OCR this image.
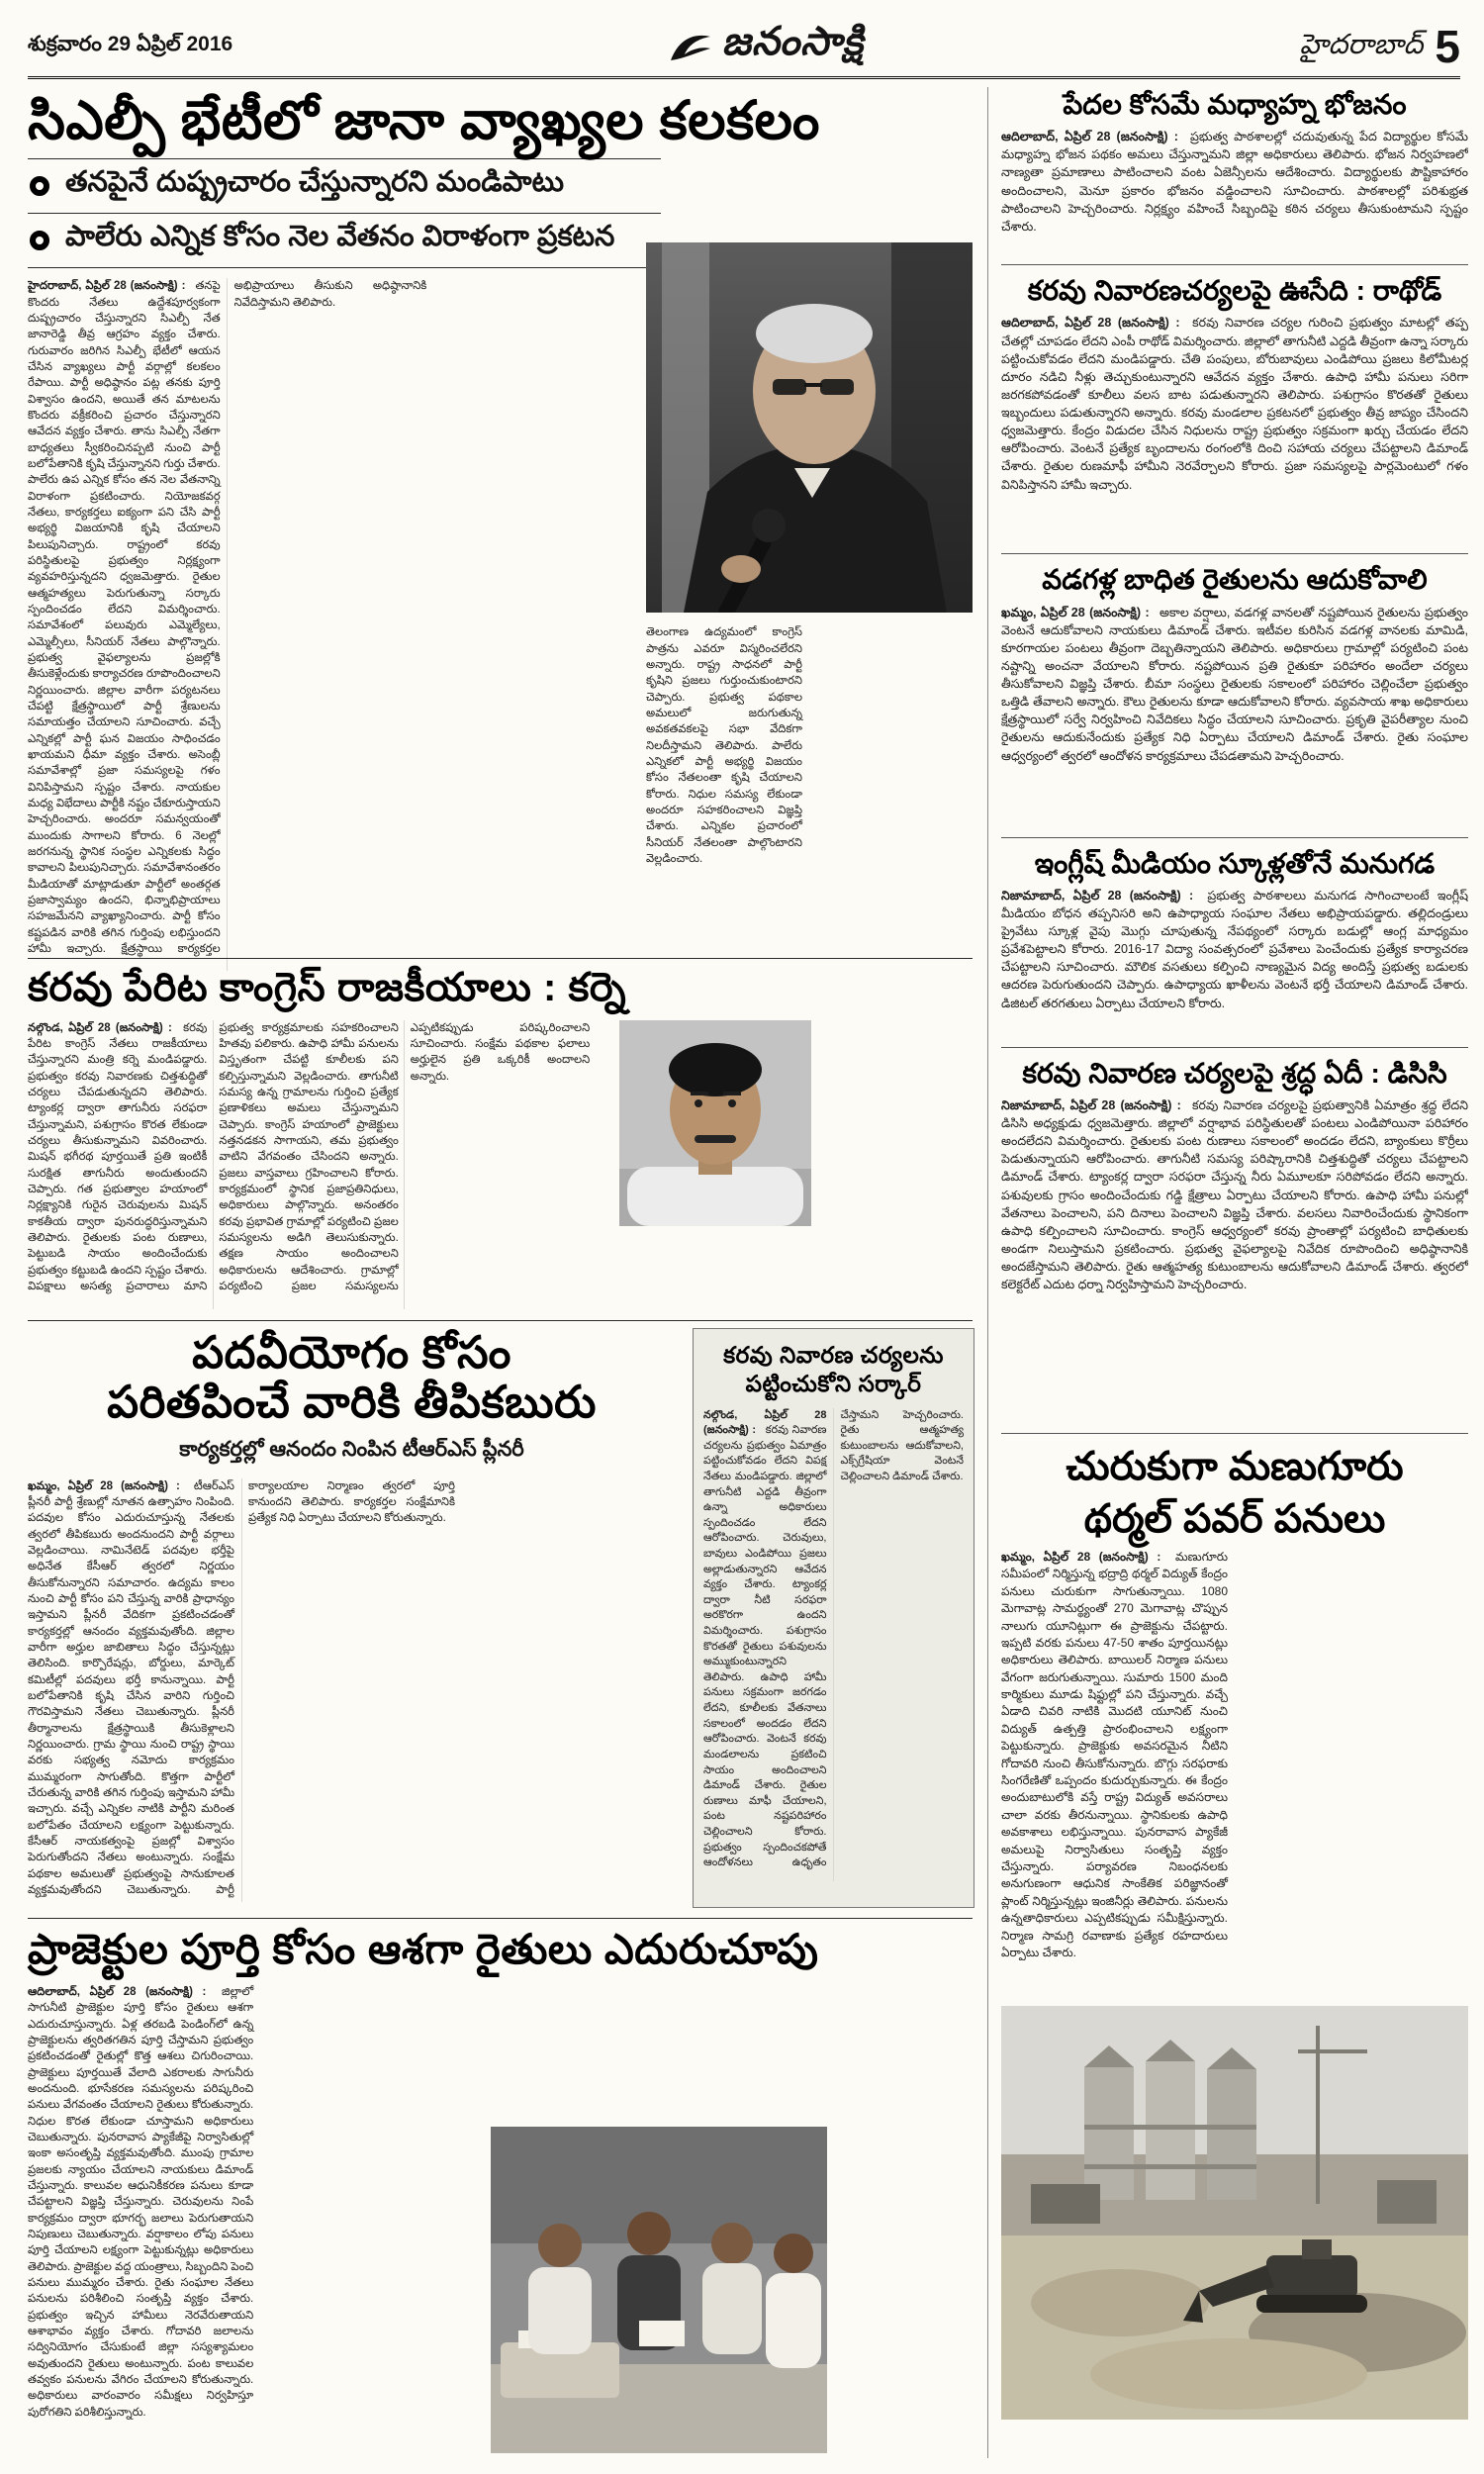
శుక్రవారం 29 ఏప్రిల్ 2016	జనంసాక్షి	హైదరాబాద్ 5
సిఎల్పీ భేటీలో జానా వ్యాఖ్యల కలకలం
తనపైనే దుష్ప్రచారం చేస్తున్నారని మండిపాటు
పాలేరు ఎన్నిక కోసం నెల వేతనం విరాళంగా ప్రకటన
హైదరాబాద్, ఏప్రిల్ 28 (జనంసాక్షి) : తనపై కొందరు నేతలు ఉద్దేశపూర్వకంగా దుష్ప్రచారం చేస్తున్నారని సిఎల్పీ నేత జానారెడ్డి తీవ్ర ఆగ్రహం వ్యక్తం చేశారు. గురువారం జరిగిన సిఎల్పీ భేటీలో ఆయన చేసిన వ్యాఖ్యలు పార్టీ వర్గాల్లో కలకలం రేపాయి. పార్టీ అధిష్ఠానం పట్ల తనకు పూర్తి విశ్వాసం ఉందని, అయితే తన మాటలను కొందరు వక్రీకరించి ప్రచారం చేస్తున్నారని ఆవేదన వ్యక్తం చేశారు. తాను సిఎల్పీ నేతగా బాధ్యతలు స్వీకరించినప్పటి నుంచి పార్టీ బలోపేతానికి కృషి చేస్తున్నానని గుర్తు చేశారు. పాలేరు ఉప ఎన్నిక కోసం తన నెల వేతనాన్ని విరాళంగా ప్రకటించారు. నియోజకవర్గ నేతలు, కార్యకర్తలు ఐక్యంగా పని చేసి పార్టీ అభ్యర్థి విజయానికి కృషి చేయాలని పిలుపునిచ్చారు. రాష్ట్రంలో కరవు పరిస్థితులపై ప్రభుత్వం నిర్లక్ష్యంగా వ్యవహరిస్తున్నదని ధ్వజమెత్తారు. రైతుల ఆత్మహత్యలు పెరుగుతున్నా సర్కారు స్పందించడం లేదని విమర్శించారు. సమావేశంలో పలువురు ఎమ్మెల్యేలు, ఎమ్మెల్సీలు, సీనియర్ నేతలు పాల్గొన్నారు. ప్రభుత్వ వైఫల్యాలను ప్రజల్లోకి తీసుకెళ్లేందుకు కార్యాచరణ రూపొందించాలని నిర్ణయించారు. జిల్లాల వారీగా పర్యటనలు చేపట్టి క్షేత్రస్థాయిలో పార్టీ శ్రేణులను సమాయత్తం చేయాలని సూచించారు. వచ్చే ఎన్నికల్లో పార్టీ ఘన విజయం సాధించడం ఖాయమని ధీమా వ్యక్తం చేశారు. అసెంబ్లీ సమావేశాల్లో ప్రజా సమస్యలపై గళం వినిపిస్తామని స్పష్టం చేశారు. నాయకుల మధ్య విభేదాలు పార్టీకి నష్టం చేకూరుస్తాయని హెచ్చరించారు. అందరూ సమన్వయంతో ముందుకు సాగాలని కోరారు. 6 నెలల్లో జరగనున్న స్థానిక సంస్థల ఎన్నికలకు సిద్ధం కావాలని పిలుపునిచ్చారు. సమావేశానంతరం మీడియాతో మాట్లాడుతూ పార్టీలో అంతర్గత ప్రజాస్వామ్యం ఉందని, భిన్నాభిప్రాయాలు సహజమేనని వ్యాఖ్యానించారు. పార్టీ కోసం కష్టపడిన వారికి తగిన గుర్తింపు లభిస్తుందని హామీ ఇచ్చారు. క్షేత్రస్థాయి కార్యకర్తల అభిప్రాయాలు తీసుకుని అధిష్ఠానానికి నివేదిస్తామని తెలిపారు.
తెలంగాణ ఉద్యమంలో కాంగ్రెస్ పాత్రను ఎవరూ విస్మరించలేరని అన్నారు. రాష్ట్ర సాధనలో పార్టీ కృషిని ప్రజలు గుర్తుంచుకుంటారని చెప్పారు. ప్రభుత్వ పథకాల అమలులో జరుగుతున్న అవకతవకలపై సభా వేదికగా నిలదీస్తామని తెలిపారు. పాలేరు ఎన్నికలో పార్టీ అభ్యర్థి విజయం కోసం నేతలంతా కృషి చేయాలని కోరారు. నిధుల సమస్య లేకుండా అందరూ సహకరించాలని విజ్ఞప్తి చేశారు. ఎన్నికల ప్రచారంలో సీనియర్ నేతలంతా పాల్గొంటారని వెల్లడించారు.
కరవు పేరిట కాంగ్రెస్ రాజకీయాలు : కర్నె
నల్గొండ, ఏప్రిల్ 28 (జనంసాక్షి) : కరవు పేరిట కాంగ్రెస్ నేతలు రాజకీయాలు చేస్తున్నారని మంత్రి కర్నె మండిపడ్డారు. ప్రభుత్వం కరవు నివారణకు చిత్తశుద్ధితో చర్యలు చేపడుతున్నదని తెలిపారు. ట్యాంకర్ల ద్వారా తాగునీరు సరఫరా చేస్తున్నామని, పశుగ్రాసం కొరత లేకుండా చర్యలు తీసుకున్నామని వివరించారు. మిషన్ భగీరథ పూర్తయితే ప్రతి ఇంటికీ సురక్షిత తాగునీరు అందుతుందని చెప్పారు. గత ప్రభుత్వాల హయాంలో నిర్లక్ష్యానికి గురైన చెరువులను మిషన్ కాకతీయ ద్వారా పునరుద్ధరిస్తున్నామని తెలిపారు. రైతులకు పంట రుణాలు, పెట్టుబడి సాయం అందించేందుకు ప్రభుత్వం కట్టుబడి ఉందని స్పష్టం చేశారు. విపక్షాలు అసత్య ప్రచారాలు మాని ప్రభుత్వ కార్యక్రమాలకు సహకరించాలని హితవు పలికారు. ఉపాధి హామీ పనులను విస్తృతంగా చేపట్టి కూలీలకు పని కల్పిస్తున్నామని వెల్లడించారు. తాగునీటి సమస్య ఉన్న గ్రామాలను గుర్తించి ప్రత్యేక ప్రణాళికలు అమలు చేస్తున్నామని చెప్పారు. కాంగ్రెస్ హయాంలో ప్రాజెక్టులు నత్తనడకన సాగాయని, తమ ప్రభుత్వం వాటిని వేగవంతం చేసిందని అన్నారు. ప్రజలు వాస్తవాలు గ్రహించాలని కోరారు. కార్యక్రమంలో స్థానిక ప్రజాప్రతినిధులు, అధికారులు పాల్గొన్నారు. అనంతరం కరవు ప్రభావిత గ్రామాల్లో పర్యటించి ప్రజల సమస్యలను అడిగి తెలుసుకున్నారు. తక్షణ సాయం అందించాలని అధికారులను ఆదేశించారు. గ్రామాల్లో పర్యటించి ప్రజల సమస్యలను ఎప్పటికప్పుడు పరిష్కరించాలని సూచించారు. సంక్షేమ పథకాల ఫలాలు అర్హులైన ప్రతి ఒక్కరికీ అందాలని అన్నారు.
పదవీయోగం కోసం
పరితపించే వారికి తీపికబురు
కార్యకర్తల్లో ఆనందం నింపిన టీఆర్ఎస్ ప్లీనరీ
ఖమ్మం, ఏప్రిల్ 28 (జనంసాక్షి) : టీఆర్ఎస్ ప్లీనరీ పార్టీ శ్రేణుల్లో నూతన ఉత్సాహం నింపింది. పదవుల కోసం ఎదురుచూస్తున్న నేతలకు త్వరలో తీపికబురు అందనుందని పార్టీ వర్గాలు వెల్లడించాయి. నామినేటెడ్ పదవుల భర్తీపై అధినేత కేసీఆర్ త్వరలో నిర్ణయం తీసుకోనున్నారని సమాచారం. ఉద్యమ కాలం నుంచి పార్టీ కోసం పని చేస్తున్న వారికి ప్రాధాన్యం ఇస్తామని ప్లీనరీ వేదికగా ప్రకటించడంతో కార్యకర్తల్లో ఆనందం వ్యక్తమవుతోంది. జిల్లాల వారీగా అర్హుల జాబితాలు సిద్ధం చేస్తున్నట్లు తెలిసింది. కార్పొరేషన్లు, బోర్డులు, మార్కెట్ కమిటీల్లో పదవులు భర్తీ కానున్నాయి. పార్టీ బలోపేతానికి కృషి చేసిన వారిని గుర్తించి గౌరవిస్తామని నేతలు చెబుతున్నారు. ప్లీనరీ తీర్మానాలను క్షేత్రస్థాయికి తీసుకెళ్లాలని నిర్ణయించారు. గ్రామ స్థాయి నుంచి రాష్ట్ర స్థాయి వరకు సభ్యత్వ నమోదు కార్యక్రమం ముమ్మరంగా సాగుతోంది. కొత్తగా పార్టీలో చేరుతున్న వారికి తగిన గుర్తింపు ఇస్తామని హామీ ఇచ్చారు. వచ్చే ఎన్నికల నాటికి పార్టీని మరింత బలోపేతం చేయాలని లక్ష్యంగా పెట్టుకున్నారు. కేసీఆర్ నాయకత్వంపై ప్రజల్లో విశ్వాసం పెరుగుతోందని నేతలు అంటున్నారు. సంక్షేమ పథకాల అమలుతో ప్రభుత్వంపై సానుకూలత వ్యక్తమవుతోందని చెబుతున్నారు. పార్టీ కార్యాలయాల నిర్మాణం త్వరలో పూర్తి కానుందని తెలిపారు. కార్యకర్తల సంక్షేమానికి ప్రత్యేక నిధి ఏర్పాటు చేయాలని కోరుతున్నారు.
కరవు నివారణ చర్యలను పట్టించుకోని సర్కార్
నల్గొండ, ఏప్రిల్ 28 (జనంసాక్షి) : కరవు నివారణ చర్యలను ప్రభుత్వం ఏమాత్రం పట్టించుకోవడం లేదని విపక్ష నేతలు మండిపడ్డారు. జిల్లాలో తాగునీటి ఎద్దడి తీవ్రంగా ఉన్నా అధికారులు స్పందించడం లేదని ఆరోపించారు. చెరువులు, బావులు ఎండిపోయి ప్రజలు అల్లాడుతున్నారని ఆవేదన వ్యక్తం చేశారు. ట్యాంకర్ల ద్వారా నీటి సరఫరా అరకొరగా ఉందని విమర్శించారు. పశుగ్రాసం కొరతతో రైతులు పశువులను అమ్ముకుంటున్నారని తెలిపారు. ఉపాధి హామీ పనులు సక్రమంగా జరగడం లేదని, కూలీలకు వేతనాలు సకాలంలో అందడం లేదని ఆరోపించారు. వెంటనే కరవు మండలాలను ప్రకటించి సాయం అందించాలని డిమాండ్ చేశారు. రైతుల రుణాలు మాఫీ చేయాలని, పంట నష్టపరిహారం చెల్లించాలని కోరారు. ప్రభుత్వం స్పందించకపోతే ఆందోళనలు ఉధృతం చేస్తామని హెచ్చరించారు. రైతు ఆత్మహత్య కుటుంబాలను ఆదుకోవాలని, ఎక్స్‌గ్రేషియా వెంటనే చెల్లించాలని డిమాండ్ చేశారు.
ప్రాజెక్టుల పూర్తి కోసం ఆశగా రైతులు ఎదురుచూపు
ఆదిలాబాద్, ఏప్రిల్ 28 (జనంసాక్షి) : జిల్లాలో సాగునీటి ప్రాజెక్టుల పూర్తి కోసం రైతులు ఆశగా ఎదురుచూస్తున్నారు. ఏళ్ల తరబడి పెండింగ్‌లో ఉన్న ప్రాజెక్టులను త్వరితగతిన పూర్తి చేస్తామని ప్రభుత్వం ప్రకటించడంతో రైతుల్లో కొత్త ఆశలు చిగురించాయి. ప్రాజెక్టులు పూర్తయితే వేలాది ఎకరాలకు సాగునీరు అందనుంది. భూసేకరణ సమస్యలను పరిష్కరించి పనులు వేగవంతం చేయాలని రైతులు కోరుతున్నారు. నిధుల కొరత లేకుండా చూస్తామని అధికారులు చెబుతున్నారు. పునరావాస ప్యాకేజీపై నిర్వాసితుల్లో ఇంకా అసంతృప్తి వ్యక్తమవుతోంది. ముంపు గ్రామాల ప్రజలకు న్యాయం చేయాలని నాయకులు డిమాండ్ చేస్తున్నారు. కాలువల ఆధునికీకరణ పనులు కూడా చేపట్టాలని విజ్ఞప్తి చేస్తున్నారు. చెరువులను నింపే కార్యక్రమం ద్వారా భూగర్భ జలాలు పెరుగుతాయని నిపుణులు చెబుతున్నారు. వర్షాకాలం లోపు పనులు పూర్తి చేయాలని లక్ష్యంగా పెట్టుకున్నట్లు అధికారులు తెలిపారు. ప్రాజెక్టుల వద్ద యంత్రాలు, సిబ్బందిని పెంచి పనులు ముమ్మరం చేశారు. రైతు సంఘాల నేతలు పనులను పరిశీలించి సంతృప్తి వ్యక్తం చేశారు. ప్రభుత్వం ఇచ్చిన హామీలు నెరవేరుతాయని ఆశాభావం వ్యక్తం చేశారు. గోదావరి జలాలను సద్వినియోగం చేసుకుంటే జిల్లా సస్యశ్యామలం అవుతుందని రైతులు అంటున్నారు. పంట కాలువల తవ్వకం పనులను వేగిరం చేయాలని కోరుతున్నారు. అధికారులు వారంవారం సమీక్షలు నిర్వహిస్తూ పురోగతిని పరిశీలిస్తున్నారు.
పేదల కోసమే మధ్యాహ్న భోజనం
ఆదిలాబాద్, ఏప్రిల్ 28 (జనంసాక్షి) : ప్రభుత్వ పాఠశాలల్లో చదువుతున్న పేద విద్యార్థుల కోసమే మధ్యాహ్న భోజన పథకం అమలు చేస్తున్నామని జిల్లా అధికారులు తెలిపారు. భోజన నిర్వహణలో నాణ్యతా ప్రమాణాలు పాటించాలని వంట ఏజెన్సీలను ఆదేశించారు. విద్యార్థులకు పౌష్టికాహారం అందించాలని, మెనూ ప్రకారం భోజనం వడ్డించాలని సూచించారు. పాఠశాలల్లో పరిశుభ్రత పాటించాలని హెచ్చరించారు. నిర్లక్ష్యం వహించే సిబ్బందిపై కఠిన చర్యలు తీసుకుంటామని స్పష్టం చేశారు.
కరవు నివారణచర్యలపై ఊసేది : రాథోడ్
ఆదిలాబాద్, ఏప్రిల్ 28 (జనంసాక్షి) : కరవు నివారణ చర్యల గురించి ప్రభుత్వం మాటల్లో తప్ప చేతల్లో చూపడం లేదని ఎంపీ రాథోడ్ విమర్శించారు. జిల్లాలో తాగునీటి ఎద్దడి తీవ్రంగా ఉన్నా సర్కారు పట్టించుకోవడం లేదని మండిపడ్డారు. చేతి పంపులు, బోరుబావులు ఎండిపోయి ప్రజలు కిలోమీటర్ల దూరం నడిచి నీళ్లు తెచ్చుకుంటున్నారని ఆవేదన వ్యక్తం చేశారు. ఉపాధి హామీ పనులు సరిగా జరగకపోవడంతో కూలీలు వలస బాట పడుతున్నారని తెలిపారు. పశుగ్రాసం కొరతతో రైతులు ఇబ్బందులు పడుతున్నారని అన్నారు. కరవు మండలాల ప్రకటనలో ప్రభుత్వం తీవ్ర జాప్యం చేసిందని ధ్వజమెత్తారు. కేంద్రం విడుదల చేసిన నిధులను రాష్ట్ర ప్రభుత్వం సక్రమంగా ఖర్చు చేయడం లేదని ఆరోపించారు. వెంటనే ప్రత్యేక బృందాలను రంగంలోకి దించి సహాయ చర్యలు చేపట్టాలని డిమాండ్ చేశారు. రైతుల రుణమాఫీ హామీని నెరవేర్చాలని కోరారు. ప్రజా సమస్యలపై పార్లమెంటులో గళం వినిపిస్తానని హామీ ఇచ్చారు.
వడగళ్ల బాధిత రైతులను ఆదుకోవాలి
ఖమ్మం, ఏప్రిల్ 28 (జనంసాక్షి) : అకాల వర్షాలు, వడగళ్ల వానలతో నష్టపోయిన రైతులను ప్రభుత్వం వెంటనే ఆదుకోవాలని నాయకులు డిమాండ్ చేశారు. ఇటీవల కురిసిన వడగళ్ల వానలకు మామిడి, కూరగాయల పంటలు తీవ్రంగా దెబ్బతిన్నాయని తెలిపారు. అధికారులు గ్రామాల్లో పర్యటించి పంట నష్టాన్ని అంచనా వేయాలని కోరారు. నష్టపోయిన ప్రతి రైతుకూ పరిహారం అందేలా చర్యలు తీసుకోవాలని విజ్ఞప్తి చేశారు. బీమా సంస్థలు రైతులకు సకాలంలో పరిహారం చెల్లించేలా ప్రభుత్వం ఒత్తిడి తేవాలని అన్నారు. కౌలు రైతులను కూడా ఆదుకోవాలని కోరారు. వ్యవసాయ శాఖ అధికారులు క్షేత్రస్థాయిలో సర్వే నిర్వహించి నివేదికలు సిద్ధం చేయాలని సూచించారు. ప్రకృతి వైపరీత్యాల నుంచి రైతులను ఆదుకునేందుకు ప్రత్యేక నిధి ఏర్పాటు చేయాలని డిమాండ్ చేశారు. రైతు సంఘాల ఆధ్వర్యంలో త్వరలో ఆందోళన కార్యక్రమాలు చేపడతామని హెచ్చరించారు.
ఇంగ్లీష్ మీడియం స్కూళ్లతోనే మనుగడ
నిజామాబాద్, ఏప్రిల్ 28 (జనంసాక్షి) : ప్రభుత్వ పాఠశాలలు మనుగడ సాగించాలంటే ఇంగ్లీష్ మీడియం బోధన తప్పనిసరి అని ఉపాధ్యాయ సంఘాల నేతలు అభిప్రాయపడ్డారు. తల్లిదండ్రులు ప్రైవేటు స్కూళ్ల వైపు మొగ్గు చూపుతున్న నేపథ్యంలో సర్కారు బడుల్లో ఆంగ్ల మాధ్యమం ప్రవేశపెట్టాలని కోరారు. 2016-17 విద్యా సంవత్సరంలో ప్రవేశాలు పెంచేందుకు ప్రత్యేక కార్యాచరణ చేపట్టాలని సూచించారు. మౌలిక వసతులు కల్పించి నాణ్యమైన విద్య అందిస్తే ప్రభుత్వ బడులకు ఆదరణ పెరుగుతుందని చెప్పారు. ఉపాధ్యాయ ఖాళీలను వెంటనే భర్తీ చేయాలని డిమాండ్ చేశారు. డిజిటల్ తరగతులు ఏర్పాటు చేయాలని కోరారు.
కరవు నివారణ చర్యలపై శ్రద్ధ ఏదీ : డిసిసి
నిజామాబాద్, ఏప్రిల్ 28 (జనంసాక్షి) : కరవు నివారణ చర్యలపై ప్రభుత్వానికి ఏమాత్రం శ్రద్ధ లేదని డిసిసి అధ్యక్షుడు ధ్వజమెత్తారు. జిల్లాలో వర్షాభావ పరిస్థితులతో పంటలు ఎండిపోయినా పరిహారం అందలేదని విమర్శించారు. రైతులకు పంట రుణాలు సకాలంలో అందడం లేదని, బ్యాంకులు కొర్రీలు పెడుతున్నాయని ఆరోపించారు. తాగునీటి సమస్య పరిష్కారానికి చిత్తశుద్ధితో చర్యలు చేపట్టాలని డిమాండ్ చేశారు. ట్యాంకర్ల ద్వారా సరఫరా చేస్తున్న నీరు ఏమూలకూ సరిపోవడం లేదని అన్నారు. పశువులకు గ్రాసం అందించేందుకు గడ్డి క్షేత్రాలు ఏర్పాటు చేయాలని కోరారు. ఉపాధి హామీ పనుల్లో వేతనాలు పెంచాలని, పని దినాలు పెంచాలని విజ్ఞప్తి చేశారు. వలసలు నివారించేందుకు స్థానికంగా ఉపాధి కల్పించాలని సూచించారు. కాంగ్రెస్ ఆధ్వర్యంలో కరవు ప్రాంతాల్లో పర్యటించి బాధితులకు అండగా నిలుస్తామని ప్రకటించారు. ప్రభుత్వ వైఫల్యాలపై నివేదిక రూపొందించి అధిష్ఠానానికి అందజేస్తామని తెలిపారు. రైతు ఆత్మహత్య కుటుంబాలను ఆదుకోవాలని డిమాండ్ చేశారు. త్వరలో కలెక్టరేట్ ఎదుట ధర్నా నిర్వహిస్తామని హెచ్చరించారు.
చురుకుగా మణుగూరు
థర్మల్ పవర్ పనులు
ఖమ్మం, ఏప్రిల్ 28 (జనంసాక్షి) : మణుగూరు సమీపంలో నిర్మిస్తున్న భద్రాద్రి థర్మల్ విద్యుత్ కేంద్రం పనులు చురుకుగా సాగుతున్నాయి. 1080 మెగావాట్ల సామర్థ్యంతో 270 మెగావాట్ల చొప్పున నాలుగు యూనిట్లుగా ఈ ప్రాజెక్టును చేపట్టారు. ఇప్పటి వరకు పనులు 47-50 శాతం పూర్తయినట్లు అధికారులు తెలిపారు. బాయిలర్ నిర్మాణ పనులు వేగంగా జరుగుతున్నాయి. సుమారు 1500 మంది కార్మికులు మూడు షిఫ్టుల్లో పని చేస్తున్నారు. వచ్చే ఏడాది చివరి నాటికి మొదటి యూనిట్ నుంచి విద్యుత్ ఉత్పత్తి ప్రారంభించాలని లక్ష్యంగా పెట్టుకున్నారు. ప్రాజెక్టుకు అవసరమైన నీటిని గోదావరి నుంచి తీసుకోనున్నారు. బొగ్గు సరఫరాకు సింగరేణితో ఒప్పందం కుదుర్చుకున్నారు. ఈ కేంద్రం అందుబాటులోకి వస్తే రాష్ట్ర విద్యుత్ అవసరాలు చాలా వరకు తీరనున్నాయి. స్థానికులకు ఉపాధి అవకాశాలు లభిస్తున్నాయి. పునరావాస ప్యాకేజీ అమలుపై నిర్వాసితులు సంతృప్తి వ్యక్తం చేస్తున్నారు. పర్యావరణ నిబంధనలకు అనుగుణంగా ఆధునిక సాంకేతిక పరిజ్ఞానంతో ప్లాంట్ నిర్మిస్తున్నట్లు ఇంజినీర్లు తెలిపారు. పనులను ఉన్నతాధికారులు ఎప్పటికప్పుడు సమీక్షిస్తున్నారు. నిర్మాణ సామగ్రి రవాణాకు ప్రత్యేక రహదారులు ఏర్పాటు చేశారు.
